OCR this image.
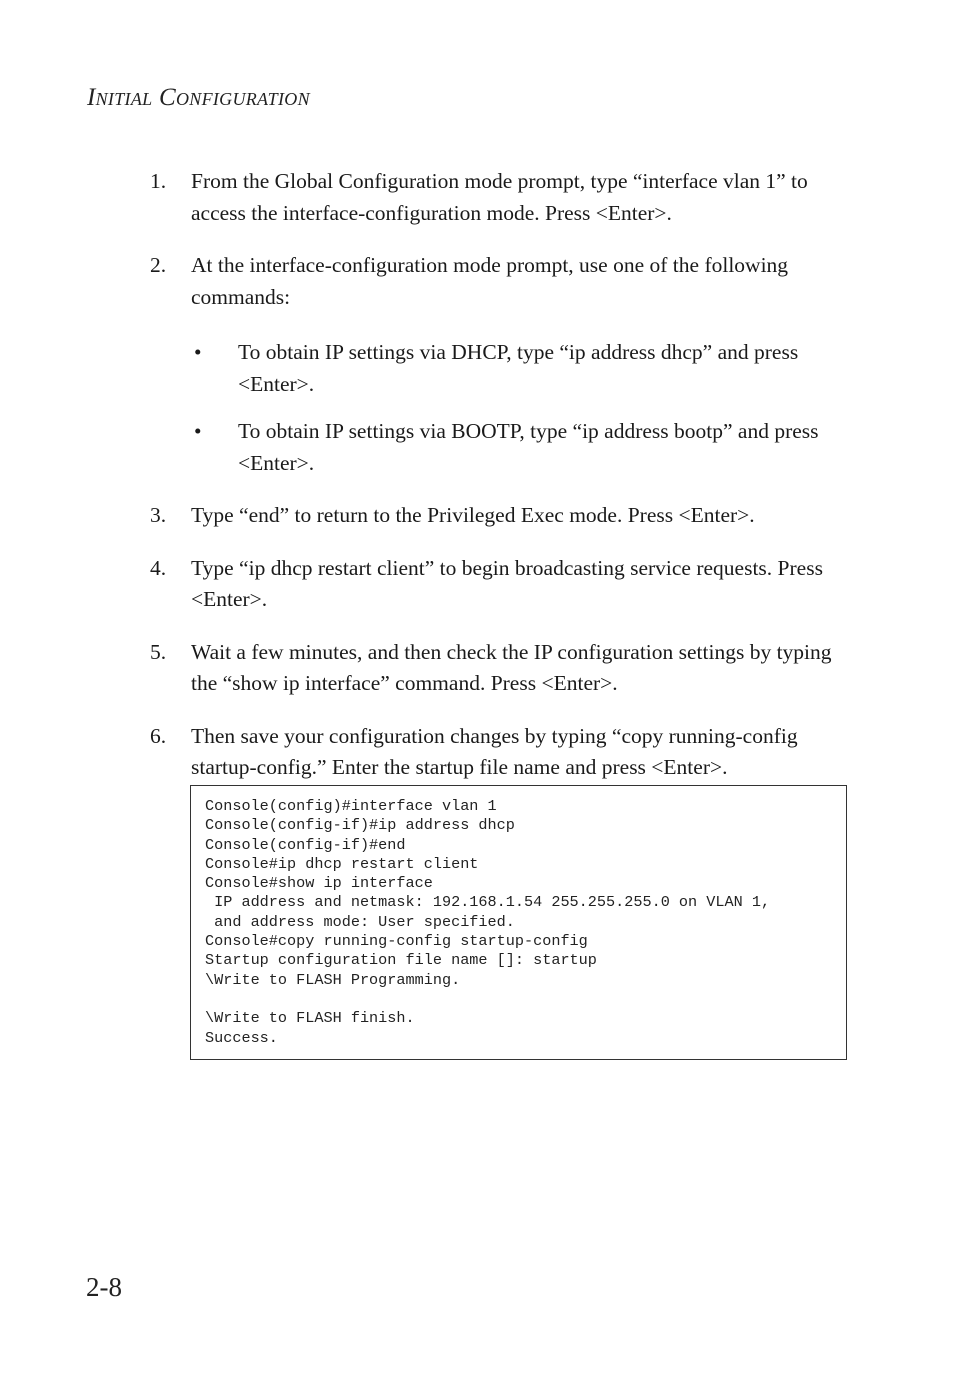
Initial Configuration
1. From the Global Configuration mode prompt, type “interface vlan 1” to access the interface-configuration mode. Press <Enter>.
2. At the interface-configuration mode prompt, use one of the following commands:
• To obtain IP settings via DHCP, type “ip address dhcp” and press <Enter>.
• To obtain IP settings via BOOTP, type “ip address bootp” and press <Enter>.
3. Type “end” to return to the Privileged Exec mode. Press <Enter>.
4. Type “ip dhcp restart client” to begin broadcasting service requests. Press <Enter>.
5. Wait a few minutes, and then check the IP configuration settings by typing the “show ip interface” command. Press <Enter>.
6. Then save your configuration changes by typing “copy running-config startup-config.” Enter the startup file name and press <Enter>.
Console(config)#interface vlan 1
Console(config-if)#ip address dhcp
Console(config-if)#end
Console#ip dhcp restart client
Console#show ip interface
IP address and netmask: 192.168.1.54 255.255.255.0 on VLAN 1,
and address mode: User specified.
Console#copy running-config startup-config
Startup configuration file name []: startup
\Write to FLASH Programming.

\Write to FLASH finish.
Success.
2-8
